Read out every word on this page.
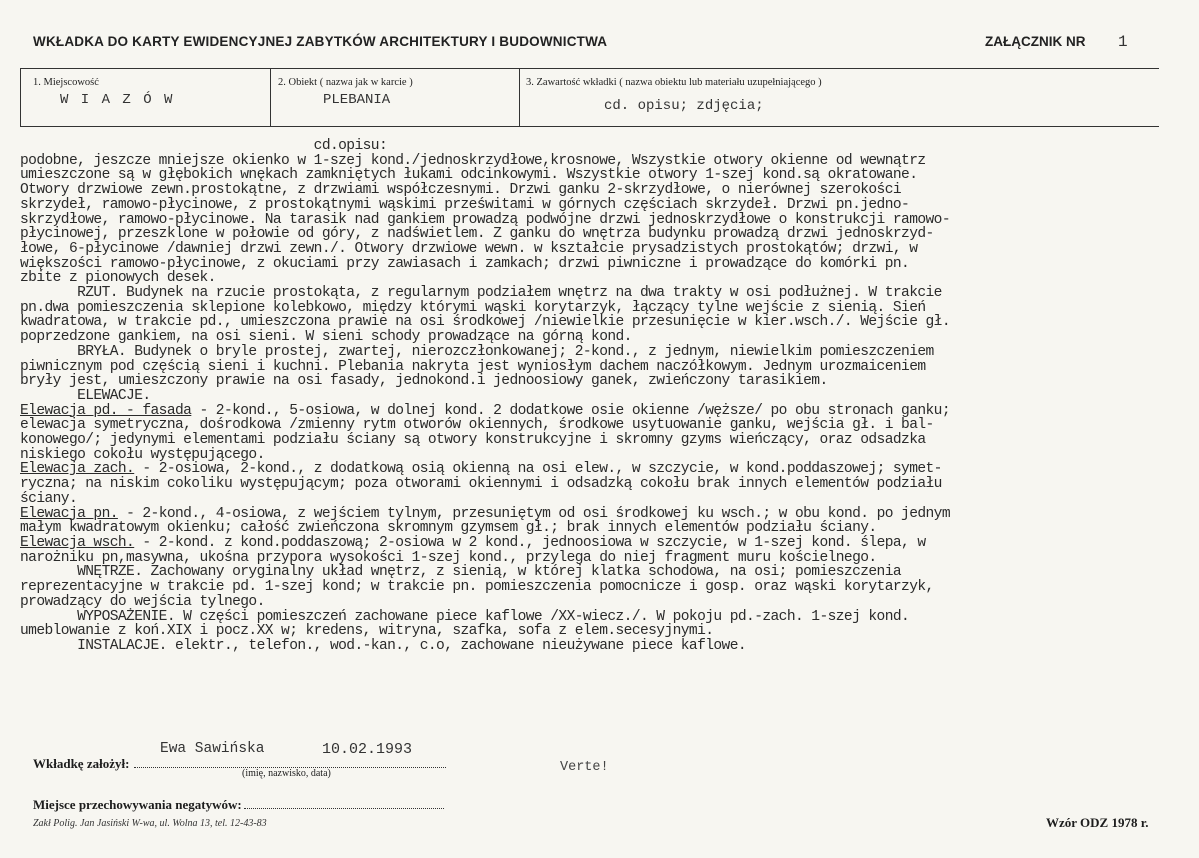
WKŁADKA DO KARTY EWIDENCYJNEJ ZABYTKÓW ARCHITEKTURY I BUDOWNICTWA	ZAŁĄCZNIK NR 1
1. Miejscowość
W I A Z Ó W
2. Obiekt ( nazwa jak w karcie )
PLEBANIA
3. Zawartość wkładki ( nazwa obiektu lub materiału uzupełniającego )
cd. opisu; zdjęcia;
cd.opisu:
podobne, jeszcze mniejsze okienko w 1-szej kond./jednoskrzydłowe,krosnowe, Wszystkie otwory okienne od wewnątrz
umieszczone są w głębokich wnękach zamkniętych łukami odcinkowymi. Wszystkie otwory 1-szej kond.są okratowane.
Otwory drzwiowe zewn.prostokątne, z drzwiami współczesnymi. Drzwi ganku 2-skrzydłowe, o nierównej szerokości
skrzydeł, ramowo-płycinowe, z prostokątnymi wąskimi prześwitami w górnych częściach skrzydeł. Drzwi pn.jedno-
skrzydłowe, ramowo-płycinowe. Na tarasik nad gankiem prowadzą podwójne drzwi jednoskrzydłowe o konstrukcji ramowo-
płycinowej, przeszklone w połowie od góry, z nadświetlem. Z ganku do wnętrza budynku prowadzą drzwi jednoskrzyd-
łowe, 6-płycinowe /dawniej drzwi zewn./. Otwory drzwiowe wewn. w kształcie prysadzistych prostokątów; drzwi, w
większości ramowo-płycinowe, z okuciami przy zawiasach i zamkach; drzwi piwniczne i prowadzące do komórki pn.
zbite z pionowych desek.
RZUT. Budynek na rzucie prostokąta, z regularnym podziałem wnętrz na dwa trakty w osi podłużnej. W trakcie
pn.dwa pomieszczenia sklepione kolebkowo, między którymi wąski korytarzyk, łączący tylne wejście z sienią. Sień
kwadratowa, w trakcie pd., umieszczona prawie na osi środkowej /niewielkie przesunięcie w kier.wsch./. Wejście gł.
poprzedzone gankiem, na osi sieni. W sieni schody prowadzące na górną kond.
BRYŁA. Budynek o bryle prostej, zwartej, nierozczłonkowanej; 2-kond., z jednym, niewielkim pomieszczeniem
piwnicznym pod częścią sieni i kuchni. Plebania nakryta jest wyniosłym dachem naczółkowym. Jednym urozmaiceniem
bryły jest, umieszczony prawie na osi fasady, jednokond.i jednoosiowy ganek, zwieńczony tarasikiem.
ELEWACJE.
Elewacja pd. - fasada - 2-kond., 5-osiowa, w dolnej kond. 2 dodatkowe osie okienne /węższe/ po obu stronach ganku;
elewacja symetryczna, dośrodkowa /zmienny rytm otworów okiennych, środkowe usytuowanie ganku, wejścia gł. i bal-
konowego/; jedynymi elementami podziału ściany są otwory konstrukcyjne i skromny gzyms wieńczący, oraz odsadzka
niskiego cokołu występującego.
Elewacja zach. - 2-osiowa, 2-kond., z dodatkową osią okienną na osi elew., w szczycie, w kond.poddaszowej; symet-
ryczna; na niskim cokoliku występującym; poza otworami okiennymi i odsadzką cokołu brak innych elementów podziału
ściany.
Elewacja pn. - 2-kond., 4-osiowa, z wejściem tylnym, przesuniętym od osi środkowej ku wsch.; w obu kond. po jednym
małym kwadratowym okienku; całość zwieńczona skromnym gzymsem gł.; brak innych elementów podziału ściany.
Elewacja wsch. - 2-kond. z kond.poddaszową; 2-osiowa w 2 kond., jednoosiowa w szczycie, w 1-szej kond. ślepa, w
narożniku pn,masywna, ukośna przypora wysokości 1-szej kond., przylega do niej fragment muru kościelnego.
WNĘTRZE. Zachowany oryginalny układ wnętrz, z sienią, w której klatka schodowa, na osi; pomieszczenia
reprezentacyjne w trakcie pd. 1-szej kond; w trakcie pn. pomieszczenia pomocnicze i gosp. oraz wąski korytarzyk,
prowadzący do wejścia tylnego.
WYPOSAŻENIE. W części pomieszczeń zachowane piece kaflowe /XX-wiecz./. W pokoju pd.-zach. 1-szej kond.
umeblowanie z koń.XIX i pocz.XX w; kredens, witryna, szafka, sofa z elem.secesyjnymi.
INSTALACJE. elektr., telefon., wod.-kan., c.o, zachowane nieużywane piece kaflowe.
Ewa Sawińska	10.02.1993
Wkładkę założył:
(imię, nazwisko, data)	Verte!
Miejsce przechowywania negatywów:
Zakł Polig. Jan Jasiński W-wa, ul. Wolna 13, tel. 12-43-83	Wzór ODZ 1978 r.
